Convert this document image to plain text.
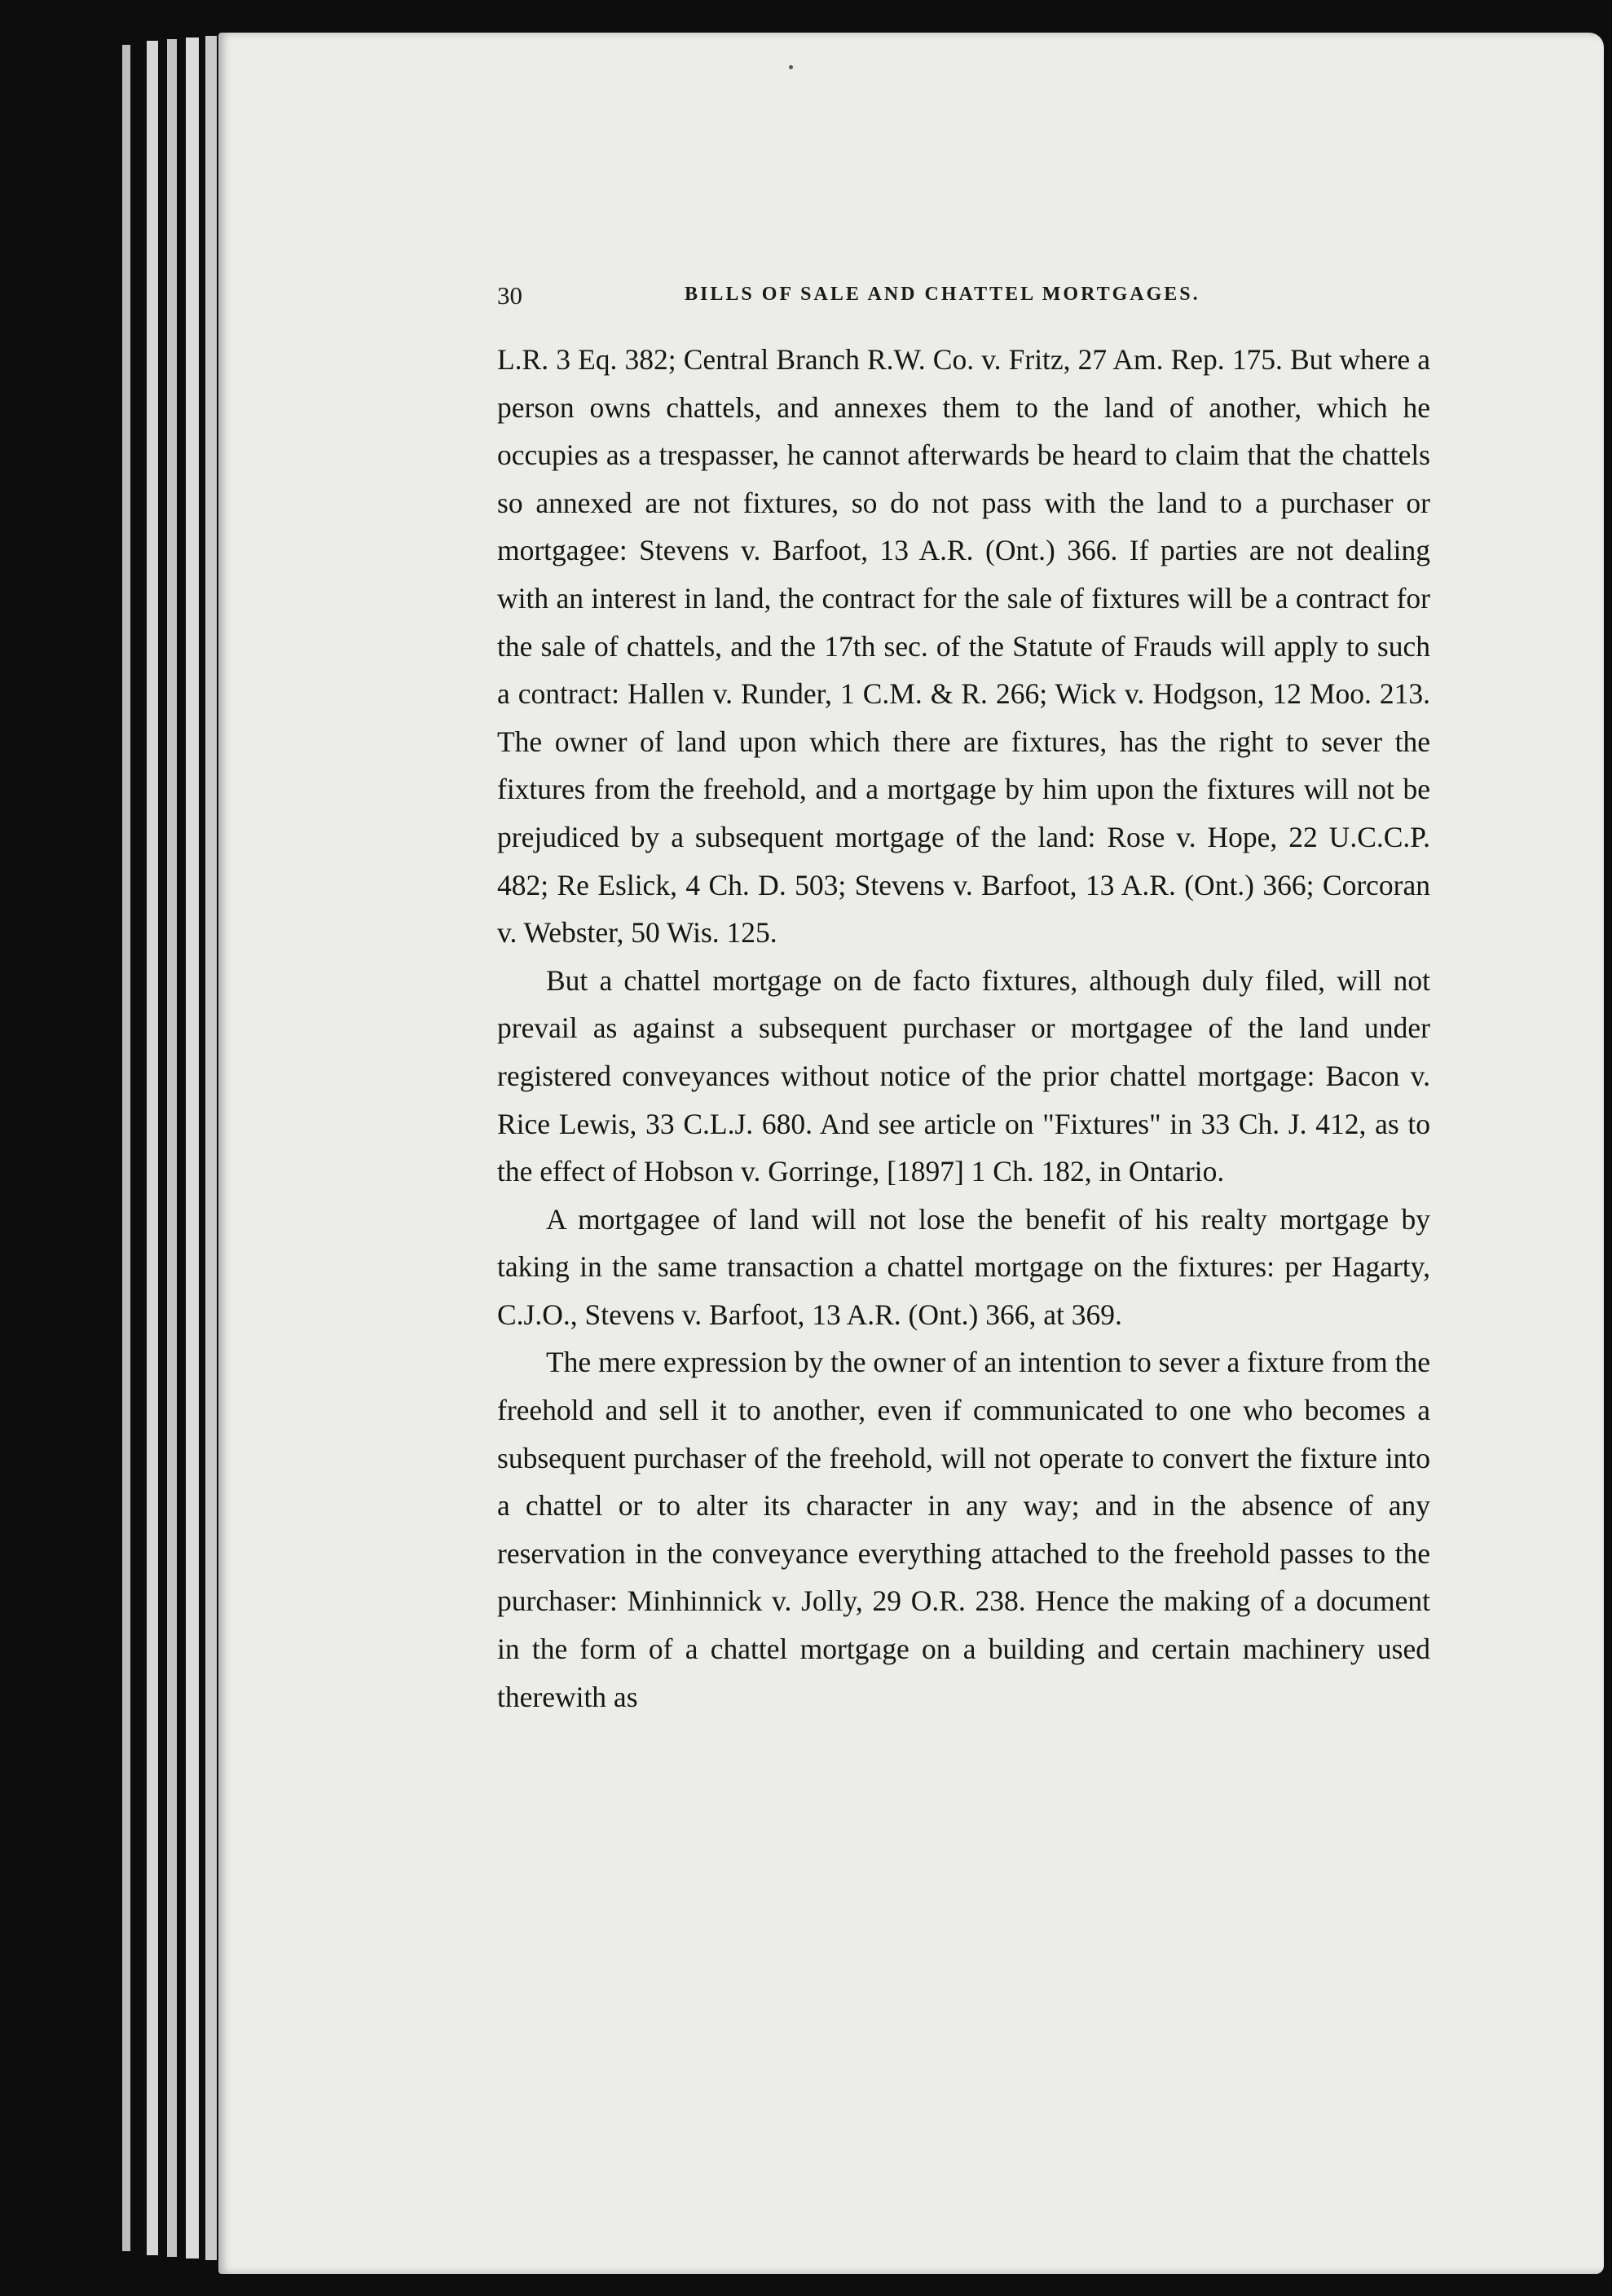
30	BILLS OF SALE AND CHATTEL MORTGAGES.

L.R. 3 Eq. 382; Central Branch R.W. Co. v. Fritz, 27 Am. Rep. 175. But where a person owns chattels, and annexes them to the land of another, which he occupies as a trespasser, he cannot afterwards be heard to claim that the chattels so annexed are not fixtures, so do not pass with the land to a purchaser or mortgagee: Stevens v. Barfoot, 13 A.R. (Ont.) 366. If parties are not dealing with an interest in land, the contract for the sale of fixtures will be a contract for the sale of chattels, and the 17th sec. of the Statute of Frauds will apply to such a contract: Hallen v. Runder, 1 C.M. & R. 266; Wick v. Hodgson, 12 Moo. 213. The owner of land upon which there are fixtures, has the right to sever the fixtures from the freehold, and a mortgage by him upon the fixtures will not be prejudiced by a subsequent mortgage of the land: Rose v. Hope, 22 U.C.C.P. 482; Re Eslick, 4 Ch. D. 503; Stevens v. Barfoot, 13 A.R. (Ont.) 366; Corcoran v. Webster, 50 Wis. 125.

But a chattel mortgage on de facto fixtures, although duly filed, will not prevail as against a subsequent purchaser or mortgagee of the land under registered conveyances without notice of the prior chattel mortgage: Bacon v. Rice Lewis, 33 C.L.J. 680. And see article on "Fixtures" in 33 Ch. J. 412, as to the effect of Hobson v. Gorringe, [1897] 1 Ch. 182, in Ontario.

A mortgagee of land will not lose the benefit of his realty mortgage by taking in the same transaction a chattel mortgage on the fixtures: per Hagarty, C.J.O., Stevens v. Barfoot, 13 A.R. (Ont.) 366, at 369.

The mere expression by the owner of an intention to sever a fixture from the freehold and sell it to another, even if communicated to one who becomes a subsequent purchaser of the freehold, will not operate to convert the fixture into a chattel or to alter its character in any way; and in the absence of any reservation in the conveyance everything attached to the freehold passes to the purchaser: Minhinnick v. Jolly, 29 O.R. 238. Hence the making of a document in the form of a chattel mortgage on a building and certain machinery used therewith as
